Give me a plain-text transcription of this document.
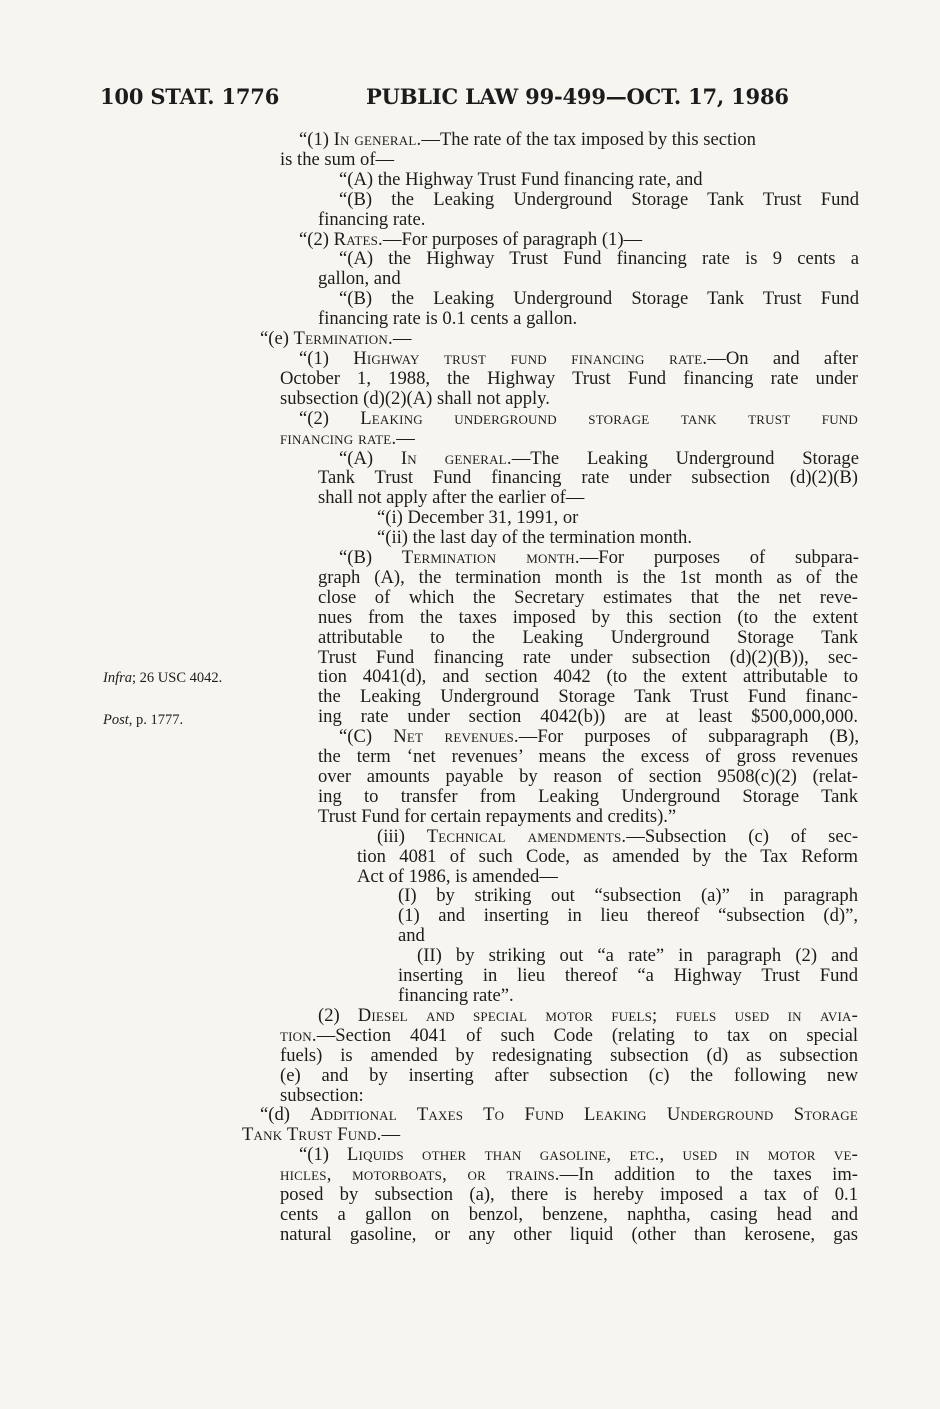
100 STAT. 1776	PUBLIC LAW 99-499—OCT. 17, 1986
Infra; 26 USC 4042.
Post, p. 1777.
“(1) In general.—The rate of the tax imposed by this section
is the sum of—
“(A) the Highway Trust Fund financing rate, and
“(B) the Leaking Underground Storage Tank Trust Fund
financing rate.
“(2) Rates.—For purposes of paragraph (1)—
“(A) the Highway Trust Fund financing rate is 9 cents a
gallon, and
“(B) the Leaking Underground Storage Tank Trust Fund
financing rate is 0.1 cents a gallon.
“(e) Termination.—
“(1) Highway trust fund financing rate.—On and after
October 1, 1988, the Highway Trust Fund financing rate under
subsection (d)(2)(A) shall not apply.
“(2) Leaking underground storage tank trust fund
financing rate.—
“(A) In general.—The Leaking Underground Storage
Tank Trust Fund financing rate under subsection (d)(2)(B)
shall not apply after the earlier of—
“(i) December 31, 1991, or
“(ii) the last day of the termination month.
“(B) Termination month.—For purposes of subpara-
graph (A), the termination month is the 1st month as of the
close of which the Secretary estimates that the net reve-
nues from the taxes imposed by this section (to the extent
attributable to the Leaking Underground Storage Tank
Trust Fund financing rate under subsection (d)(2)(B)), sec-
tion 4041(d), and section 4042 (to the extent attributable to
the Leaking Underground Storage Tank Trust Fund financ-
ing rate under section 4042(b)) are at least $500,000,000.
“(C) Net revenues.—For purposes of subparagraph (B),
the term ‘net revenues’ means the excess of gross revenues
over amounts payable by reason of section 9508(c)(2) (relat-
ing to transfer from Leaking Underground Storage Tank
Trust Fund for certain repayments and credits).”
(iii) Technical amendments.—Subsection (c) of sec-
tion 4081 of such Code, as amended by the Tax Reform
Act of 1986, is amended—
(I) by striking out “subsection (a)” in paragraph
(1) and inserting in lieu thereof “subsection (d)”,
and
(II) by striking out “a rate” in paragraph (2) and
inserting in lieu thereof “a Highway Trust Fund
financing rate”.
(2) Diesel and special motor fuels; fuels used in avia-
tion.—Section 4041 of such Code (relating to tax on special
fuels) is amended by redesignating subsection (d) as subsection
(e) and by inserting after subsection (c) the following new
subsection:
“(d) Additional Taxes To Fund Leaking Underground Storage
Tank Trust Fund.—
“(1) Liquids other than gasoline, etc., used in motor ve-
hicles, motorboats, or trains.—In addition to the taxes im-
posed by subsection (a), there is hereby imposed a tax of 0.1
cents a gallon on benzol, benzene, naphtha, casing head and
natural gasoline, or any other liquid (other than kerosene, gas
